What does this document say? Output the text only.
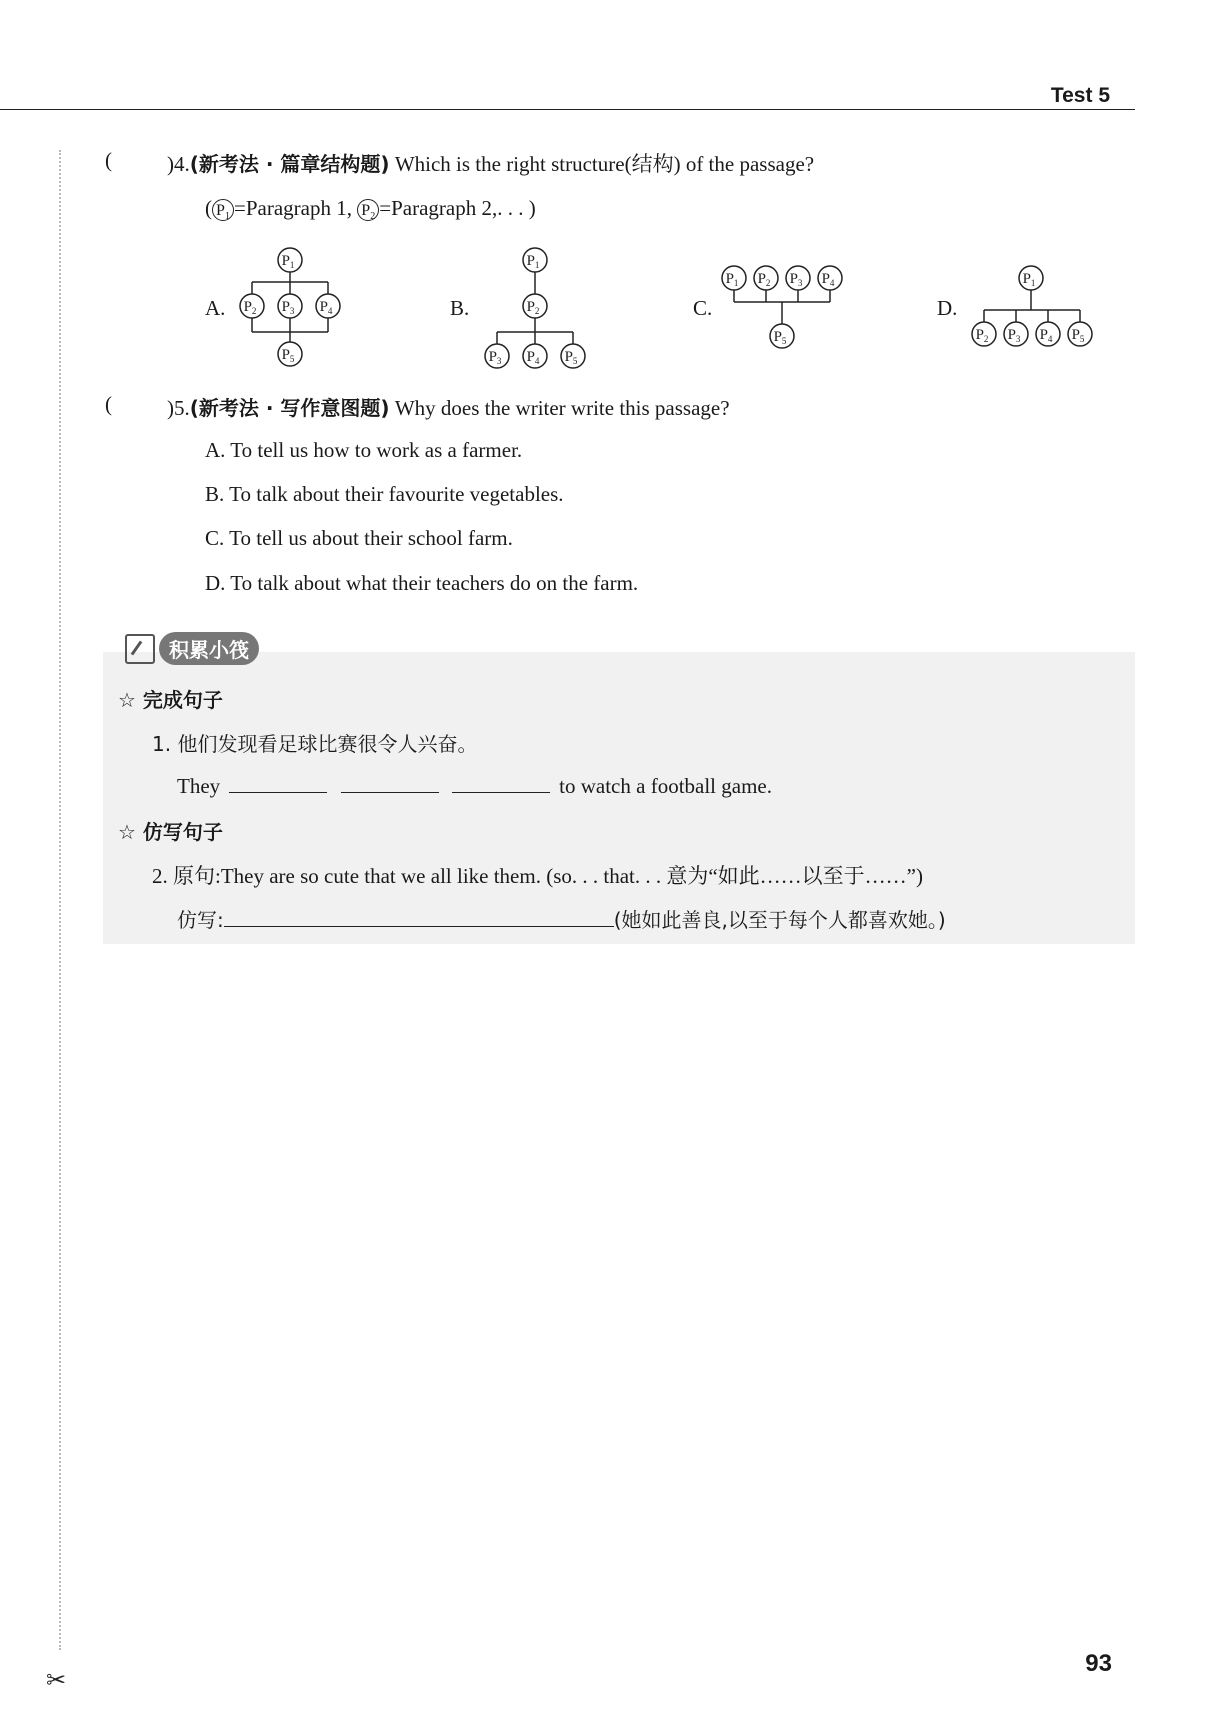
Test 5
✂
(	)4.(新考法 · 篇章结构题) Which is the right structure(结构) of the passage?
( $P_1$ =Paragraph 1, $P_2$ =Paragraph 2,. . . )
A.	B.	C.	D.
$P_1$
$P_2$ $P_3$ $P_4$
$P_5$
$P_1$
$P_2$
$P_3$ $P_4$ $P_5$
$P_1$ $P_2$ $P_3$ $P_4$
$P_5$
$P_1$
$P_2$ $P_3$ $P_4$ $P_5$
(	)5.(新考法 · 写作意图题) Why does the writer write this passage?
A. To tell us how to work as a farmer.
B. To talk about their favourite vegetables.
C. To tell us about their school farm.
D. To talk about what their teachers do on the farm.
积累小筏
☆ 完成句子
1. 他们发现看足球比赛很令人兴奋。
They	to watch a football game.
☆ 仿写句子
2. 原句:They are so cute that we all like them. (so. . . that. . . 意为“如此……以至于……”)
仿写:	(她如此善良,以至于每个人都喜欢她。)
93
